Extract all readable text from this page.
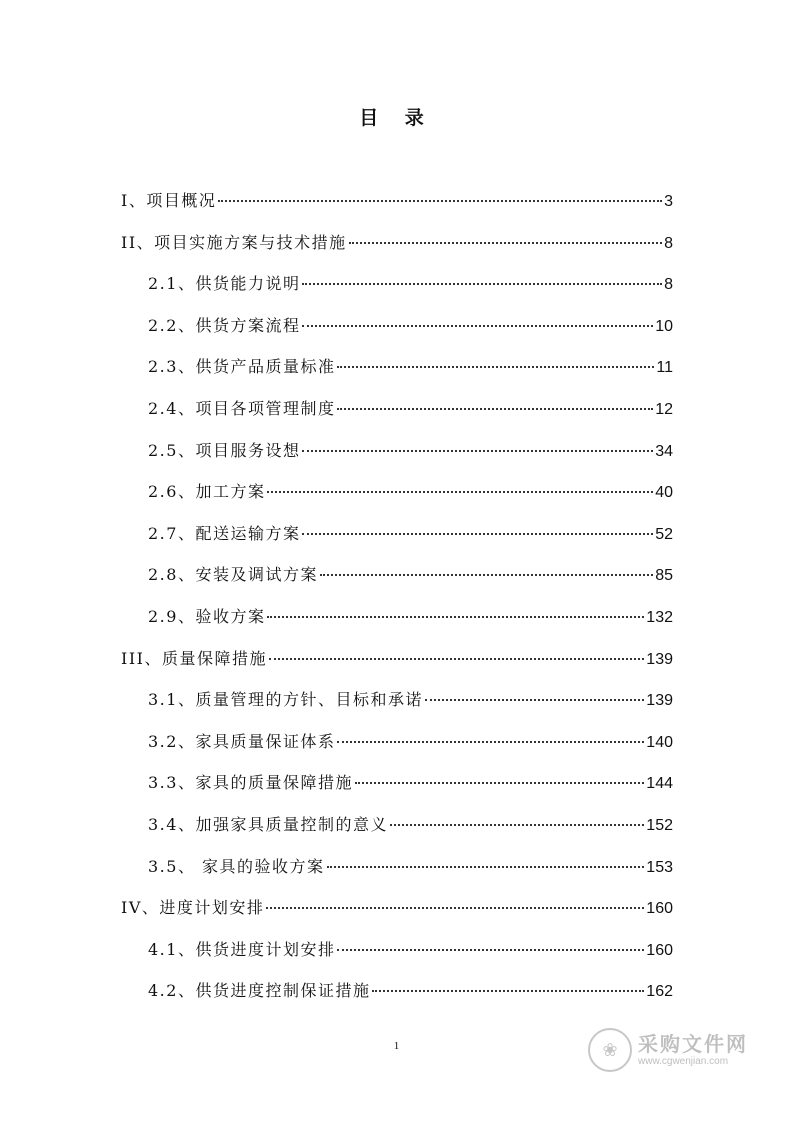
目 录
I、项目概况	3
II、项目实施方案与技术措施	8
2.1、供货能力说明	8
2.2、供货方案流程	10
2.3、供货产品质量标准	11
2.4、项目各项管理制度	12
2.5、项目服务设想	34
2.6、加工方案	40
2.7、配送运输方案	52
2.8、安装及调试方案	85
2.9、验收方案	132
III、质量保障措施	139
3.1、质量管理的方针、目标和承诺	139
3.2、家具质量保证体系	140
3.3、家具的质量保障措施	144
3.4、加强家具质量控制的意义	152
3.5、 家具的验收方案	153
IV、进度计划安排	160
4.1、供货进度计划安排	160
4.2、供货进度控制保证措施	162
1	❀	采购文件网
www.cgwenjian.com
